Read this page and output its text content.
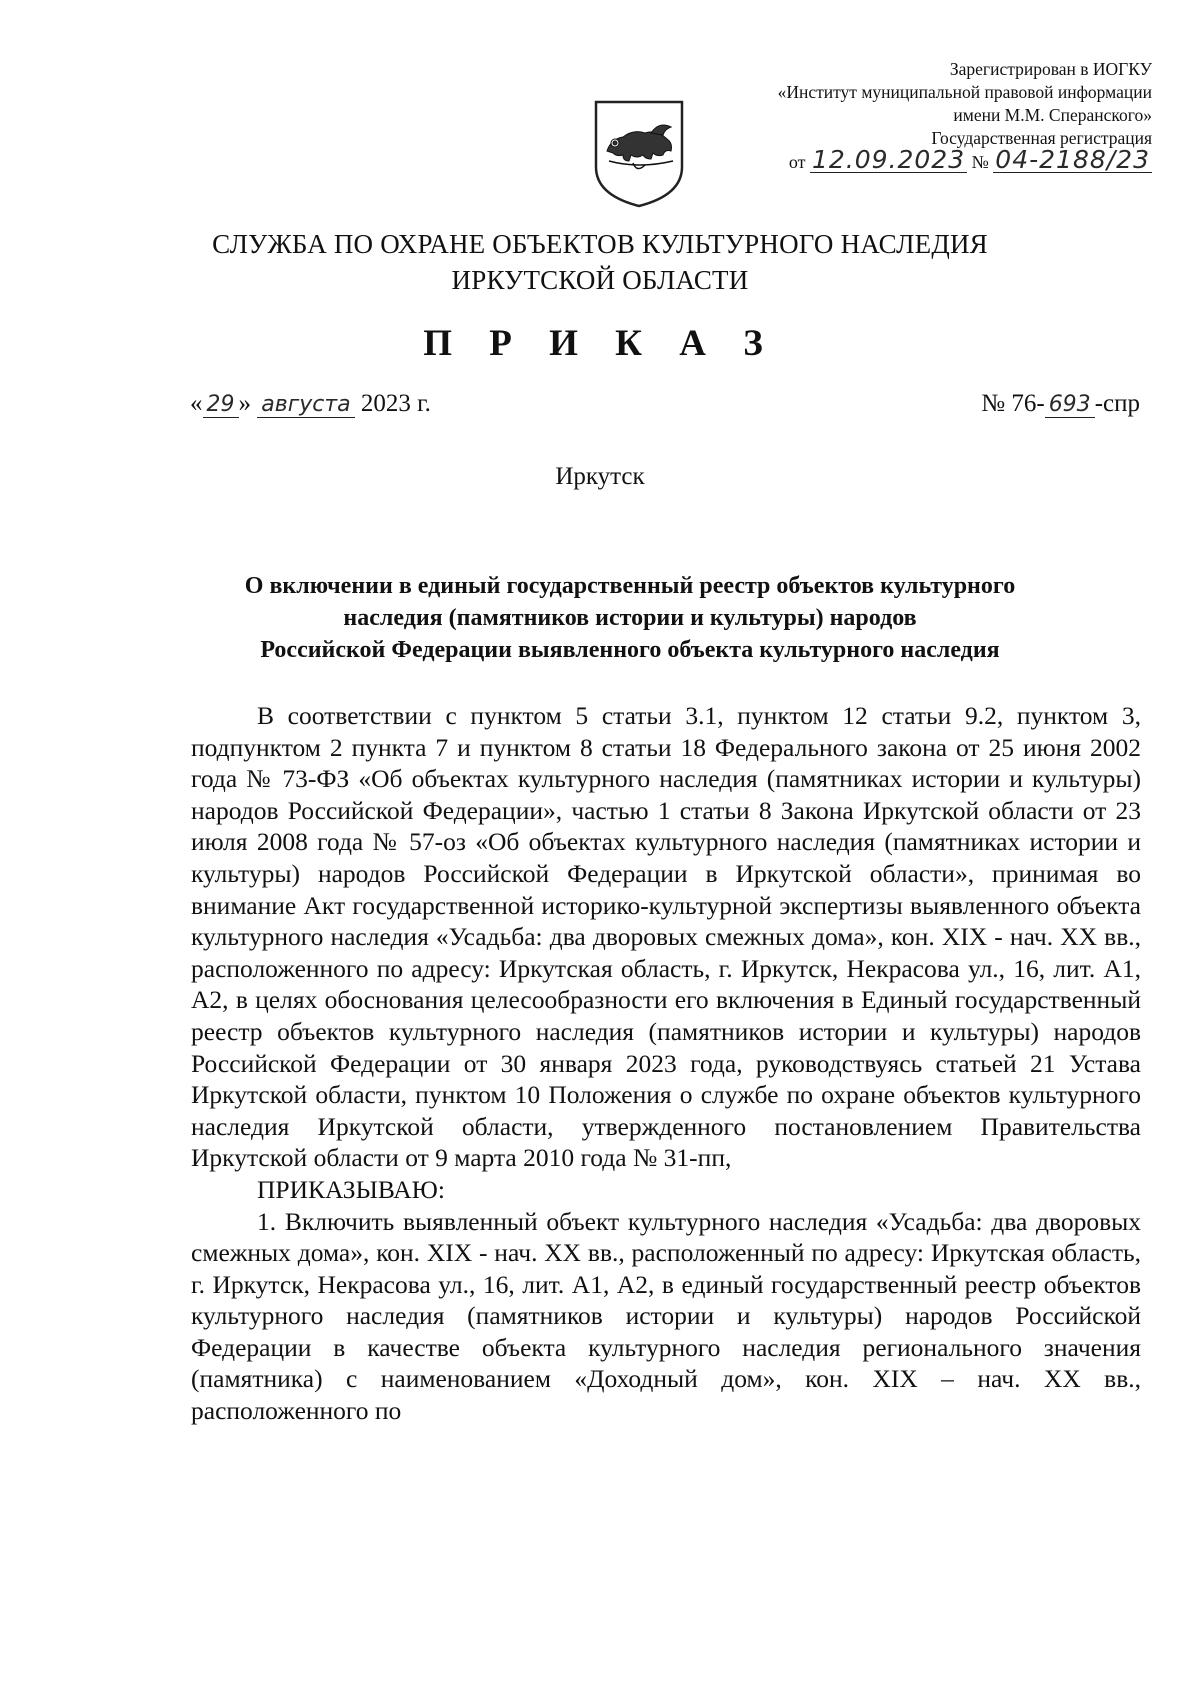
Зарегистрирован в ИОГКУ
«Институт муниципальной правовой информации
имени М.М. Сперанского»
Государственная регистрация
от 12.09.2023 № 04-2188/23
СЛУЖБА ПО ОХРАНЕ ОБЪЕКТОВ КУЛЬТУРНОГО НАСЛЕДИЯ
ИРКУТСКОЙ ОБЛАСТИ
П Р И К А З
« 29 » августа 2023 г.	№ 76- 693 -спр
Иркутск
О включении в единый государственный реестр объектов культурного
наследия (памятников истории и культуры) народов
Российской Федерации выявленного объекта культурного наследия

В соответствии с пунктом 5 статьи 3.1, пунктом 12 статьи 9.2, пунктом 3, подпунктом 2 пункта 7 и пунктом 8 статьи 18 Федерального закона от 25 июня 2002 года № 73-ФЗ «Об объектах культурного наследия (памятниках истории и культуры) народов Российской Федерации», частью 1 статьи 8 Закона Иркутской области от 23 июля 2008 года № 57-оз «Об объектах культурного наследия (памятниках истории и культуры) народов Российской Федерации в Иркутской области», принимая во внимание Акт государственной историко-культурной экспертизы выявленного объекта культурного наследия «Усадьба: два дворовых смежных дома», кон. XIX - нач. XX вв., расположенного по адресу: Иркутская область, г. Иркутск, Некрасова ул., 16, лит. А1, А2, в целях обоснования целесообразности его включения в Единый государственный реестр объектов культурного наследия (памятников истории и культуры) народов Российской Федерации от 30 января 2023 года, руководствуясь статьей 21 Устава Иркутской области, пунктом 10 Положения о службе по охране объектов культурного наследия Иркутской области, утвержденного постановлением Правительства Иркутской области от 9 марта 2010 года № 31-пп,

ПРИКАЗЫВАЮ:

1. Включить выявленный объект культурного наследия «Усадьба: два дворовых смежных дома», кон. XIX - нач. XX вв., расположенный по адресу: Иркутская область, г. Иркутск, Некрасова ул., 16, лит. А1, А2, в единый государственный реестр объектов культурного наследия (памятников истории и культуры) народов Российской Федерации в качестве объекта культурного наследия регионального значения (памятника) с наименованием «Доходный дом», кон. XIX – нач. XX вв., расположенного по
